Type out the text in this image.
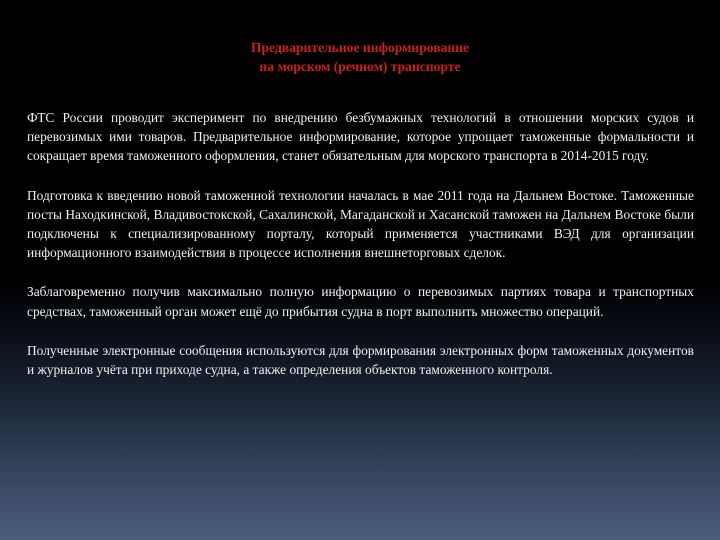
Предварительное информирование
на морском (речном) транспорте

ФТС России проводит эксперимент по внедрению безбумажных технологий в отношении морских судов и перевозимых ими товаров. Предварительное информирование, которое упрощает таможенные формальности и сокращает время таможенного оформления, станет обязательным для морского транспорта в 2014-2015 году.

Подготовка к введению новой таможенной технологии началась в мае 2011 года на Дальнем Востоке. Таможенные посты Находкинской, Владивостокской, Сахалинской, Магаданской и Хасанской таможен на Дальнем Востоке были подключены к специализированному порталу, который применяется участниками ВЭД для организации информационного взаимодействия в процессе исполнения внешнеторговых сделок.

Заблаговременно получив максимально полную информацию о перевозимых партиях товара и транспортных средствах, таможенный орган может ещё до прибытия судна в порт выполнить множество операций.

Полученные электронные сообщения используются для формирования электронных форм таможенных документов и журналов учёта при приходе судна, а также определения объектов таможенного контроля.
